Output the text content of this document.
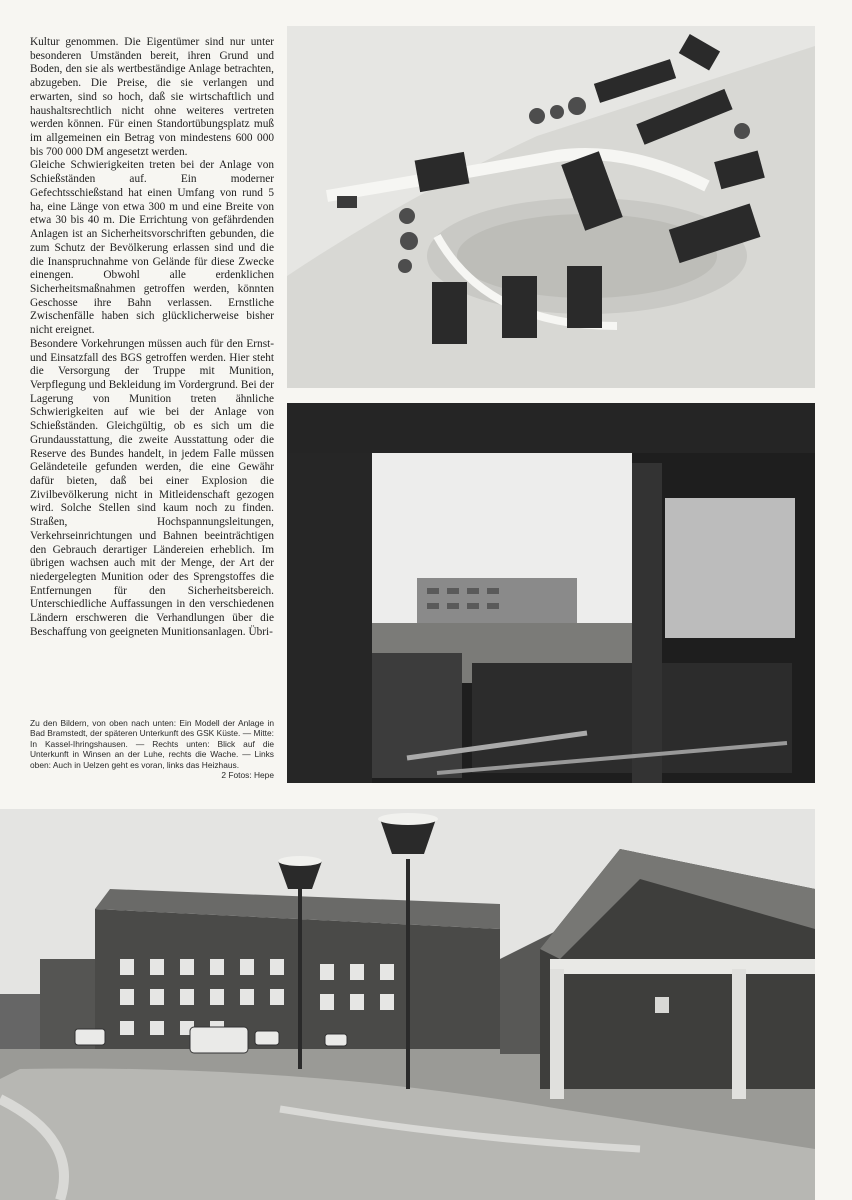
Kultur genommen. Die Eigentümer sind nur unter besonderen Umständen bereit, ihren Grund und Boden, den sie als wertbeständige Anlage betrachten, abzugeben. Die Preise, die sie verlangen und erwarten, sind so hoch, daß sie wirtschaftlich und haushaltsrechtlich nicht ohne weiteres vertreten werden können. Für einen Standortübungsplatz muß im allgemeinen ein Betrag von mindestens 600 000 bis 700 000 DM angesetzt werden.

Gleiche Schwierigkeiten treten bei der Anlage von Schießständen auf. Ein moderner Gefechtsschießstand hat einen Umfang von rund 5 ha, eine Länge von etwa 300 m und eine Breite von etwa 30 bis 40 m. Die Errichtung von gefährdenden Anlagen ist an Sicherheitsvorschriften gebunden, die zum Schutz der Bevölkerung erlassen sind und die die Inanspruchnahme von Gelände für diese Zwecke einengen. Obwohl alle erdenklichen Sicherheitsmaßnahmen getroffen werden, könnten Geschosse ihre Bahn verlassen. Ernstliche Zwischenfälle haben sich glücklicherweise bisher nicht ereignet.

Besondere Vorkehrungen müssen auch für den Ernst- und Einsatzfall des BGS getroffen werden. Hier steht die Versorgung der Truppe mit Munition, Verpflegung und Bekleidung im Vordergrund. Bei der Lagerung von Munition treten ähnliche Schwierigkeiten auf wie bei der Anlage von Schießständen. Gleichgültig, ob es sich um die Grundausstattung, die zweite Ausstattung oder die Reserve des Bundes handelt, in jedem Falle müssen Geländeteile gefunden werden, die eine Gewähr dafür bieten, daß bei einer Explosion die Zivilbevölkerung nicht in Mitleidenschaft gezogen wird. Solche Stellen sind kaum noch zu finden. Straßen, Hochspannungsleitungen, Verkehrseinrichtungen und Bahnen beeinträchtigen den Gebrauch derartiger Ländereien erheblich. Im übrigen wachsen auch mit der Menge, der Art der niedergelegten Munition oder des Sprengstoffes die Entfernungen für den Sicherheitsbereich. Unterschiedliche Auffassungen in den verschiedenen Ländern erschweren die Verhandlungen über die Beschaffung von geeigneten Munitionsanlagen. Übri-

Zu den Bildern, von oben nach unten: Ein Modell der Anlage in Bad Bramstedt, der späteren Unterkunft des GSK Küste. — Mitte: In Kassel-Ihringshausen. — Rechts unten: Blick auf die Unterkunft in Winsen an der Luhe, rechts die Wache. — Links oben: Auch in Uelzen geht es voran, links das Heizhaus.
2 Fotos: Hepe
